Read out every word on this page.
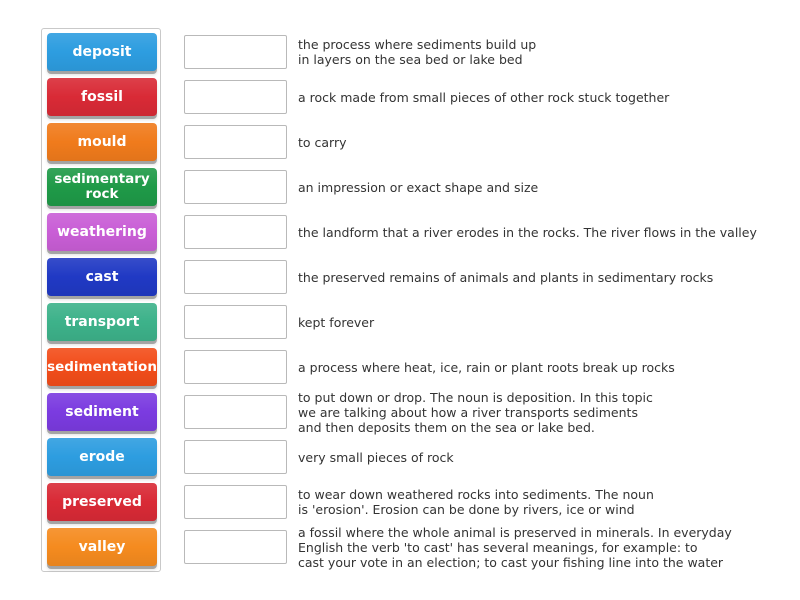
deposit
fossil
mould
sedimentary rock
weathering
cast
transport
sedimentation
sediment
erode
preserved
valley
the process where sediments build up
in layers on the sea bed or lake bed
a rock made from small pieces of other rock stuck together
to carry
an impression or exact shape and size
the landform that a river erodes in the rocks. The river flows in the valley
the preserved remains of animals and plants in sedimentary rocks
kept forever
a process where heat, ice, rain or plant roots break up rocks
to put down or drop. The noun is deposition. In this topic
we are talking about how a river transports sediments
and then deposits them on the sea or lake bed.
very small pieces of rock
to wear down weathered rocks into sediments. The noun
is 'erosion'. Erosion can be done by rivers, ice or wind
a fossil where the whole animal is preserved in minerals. In everyday
English the verb 'to cast' has several meanings, for example: to
cast your vote in an election; to cast your fishing line into the water
